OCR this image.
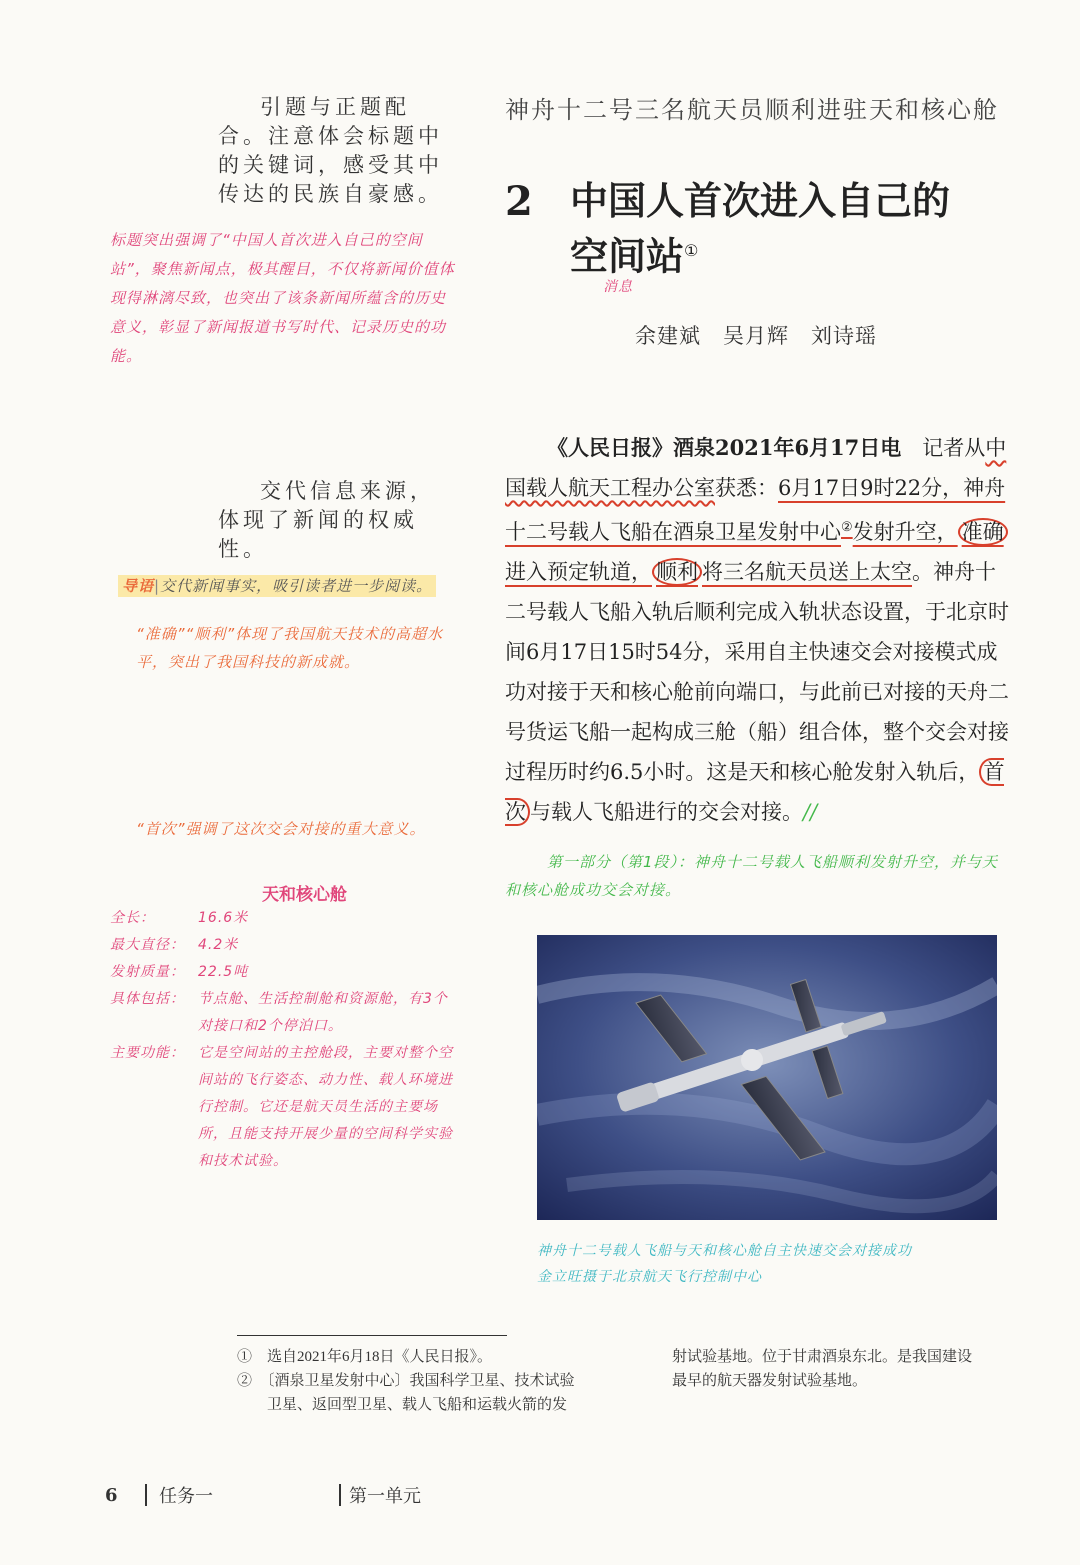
神舟十二号三名航天员顺利进驻天和核心舱
2 中国人首次进入自己的
空间站①
消息
余建斌　吴月辉　刘诗瑶

《人民日报》酒泉2021年6月17日电　 记者从中国载人航天工程办公室获悉：6月17日9时22分，神舟十二号载人飞船在酒泉卫星发射中心②发射升空， 准确进入预定轨道， 顺利 将三名航天员送上太空。神舟十二号载人飞船入轨后顺利完成入轨状态设置，于北京时间6月17日15时54分，采用自主快速交会对接模式成功对接于天和核心舱前向端口，与此前已对接的天舟二号货运飞船一起构成三舱（船）组合体，整个交会对接过程历时约6.5小时。这是天和核心舱发射入轨后， 首次 与载人飞船进行的交会对接。//

第一部分（第1段）：神舟十二号载人飞船顺利发射升空，并与天和核心舱成功交会对接。
神舟十二号载人飞船与天和核心舱自主快速交会对接成功
金立旺摄于北京航天飞行控制中心
引题与正题配合。注意体会标题中的关键词，感受其中传达的民族自豪感。
标题突出强调了“中国人首次进入自己的空间站”，聚焦新闻点，极其醒目，不仅将新闻价值体现得淋漓尽致，也突出了该条新闻所蕴含的历史意义，彰显了新闻报道书写时代、记录历史的功能。
交代信息来源，体现了新闻的权威性。
导语|交代新闻事实，吸引读者进一步阅读。
“准确”“顺利”体现了我国航天技术的高超水平，突出了我国科技的新成就。
“首次”强调了这次交会对接的重大意义。
天和核心舱
全长：	16.6米
最大直径： 4.2米
发射质量： 22.5吨
具体包括： 节点舱、生活控制舱和资源舱，有3个对接口和2个停泊口。
主要功能： 它是空间站的主控舱段，主要对整个空间站的飞行姿态、动力性、载人环境进行控制。它还是航天员生活的主要场所，且能支持开展少量的空间科学实验和技术试验。
①　选自2021年6月18日《人民日报》。
②　〔酒泉卫星发射中心〕我国科学卫星、技术试验
卫星、返回型卫星、载人飞船和运载火箭的发
射试验基地。位于甘肃酒泉东北。是我国建设
最早的航天器发射试验基地。
6	任务一	第一单元
